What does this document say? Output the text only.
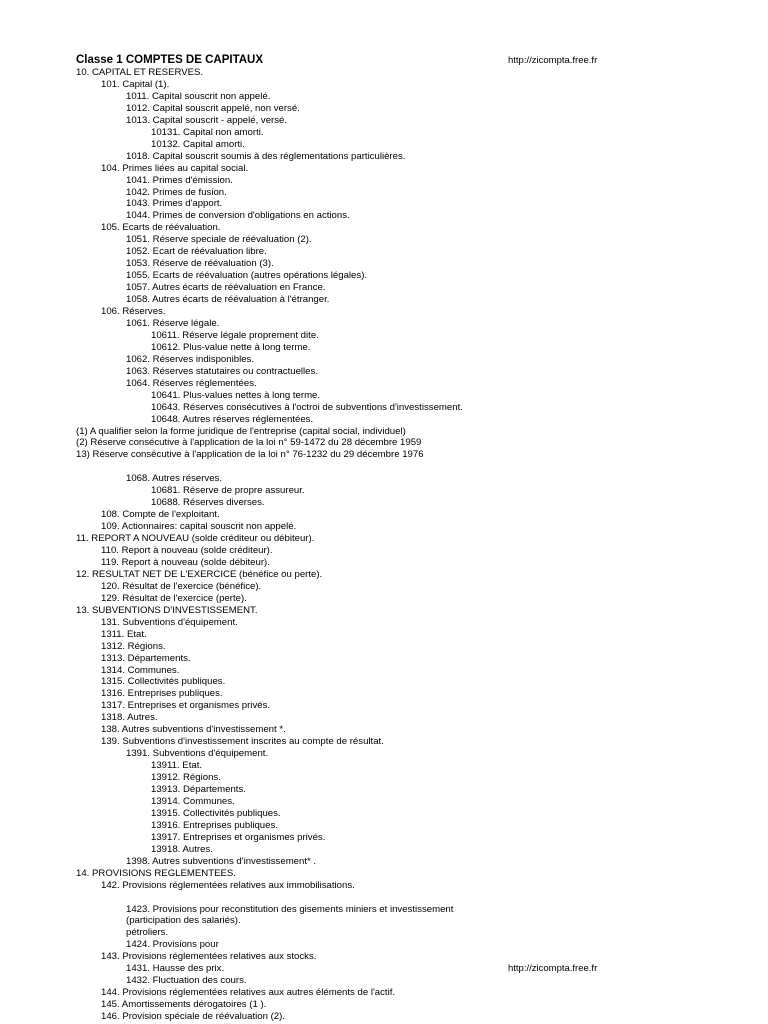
Classe 1 COMPTES DE CAPITAUX	http://zicompta.free.fr
10. CAPITAL ET RESERVES.
101. Capital (1).
1011. Capital souscrit non appelé.
1012. Capital souscrit appelé, non versé.
1013. Capital souscrit - appelé, versé.
10131. Capital non amorti.
10132. Capital amorti.
1018. Capital souscrit soumis à des réglementations particulières.
104. Primes liées au capital social.
1041. Primes d'émission.
1042. Primes de fusion.
1043. Primes d'apport.
1044. Primes de conversion d'obligations en actions.
105. Ecarts de réévaluation.
1051. Réserve speciale de réévaluation (2).
1052. Ecart de réévaluation libre.
1053. Réserve de réévaluation (3).
1055. Ecarts de réévaluation (autres opérations légales).
1057. Autres écarts de réévaluation en France.
1058. Autres écarts de réévaluation à l'étranger.
106. Réserves.
1061. Réserve légale.
10611. Réserve légale proprement dite.
10612. Plus-value nette à long terme.
1062. Réserves indisponibles.
1063. Réserves statutaires ou contractuelles.
1064. Réserves réglementées.
10641. Plus-values nettes à long terme.
10643. Réserves consécutives à l'octroi de subventions d'investissement.
10648. Autres réserves réglementées.
(1) A qualifier selon la forme juridique de l'entreprise (capital social, individuel)
(2) Réserve consécutive à l'application de la loi n° 59-1472 du 28 décembre 1959
13) Réserve consécutive à l'application de la loi n° 76-1232 du 29 décembre 1976
1068. Autres réserves.
10681. Réserve de propre assureur.
10688. Réserves diverses.
108. Compte de l'exploitant.
109. Actionnaires: capital souscrit non appelé.
11. REPORT A NOUVEAU (solde créditeur ou débiteur).
110. Report à nouveau (solde créditeur).
119. Report à nouveau (solde débiteur).
12. RESULTAT NET DE L'EXERCICE (bénéfice ou perte).
120. Résultat de l'exercice (bénéfice).
129. Résultat de l'exercice (perte).
13. SUBVENTIONS D'INVESTISSEMENT.
131. Subventions d'équipement.
1311. Etat.
1312. Régions.
1313. Départements.
1314. Communes.
1315. Collectivités publiques.
1316. Entreprises publiques.
1317. Entreprises et organismes privés.
1318. Autres.
138. Autres subventions d'investissement *.
139. Subventions d'investissement inscrites au compte de résultat.
1391. Subventions d'équipement.
13911. Etat.
13912. Régions.
13913. Départements.
13914. Communes.
13915. Collectivités publiques.
13916. Entreprises publiques.
13917. Entreprises et organismes privés.
13918. Autres.
1398. Autres subventions d'investissement* .
14. PROVISIONS REGLEMENTEES.
142. Provisions réglementées relatives aux immobilisations.
1423. Provisions pour reconstitution des gisements miniers et investissement
(participation des salariés).
pétroliers.
1424. Provisions pour
143. Provisions réglementées relatives aux stocks.
1431. Hausse des prix.
1432. Fluctuation des cours.
144. Provisions réglementées relatives aux autres éléments de l'actif.
145. Amortissements dérogatoires (1 ).
146. Provision spéciale de réévaluation (2).
http://zicompta.free.fr
